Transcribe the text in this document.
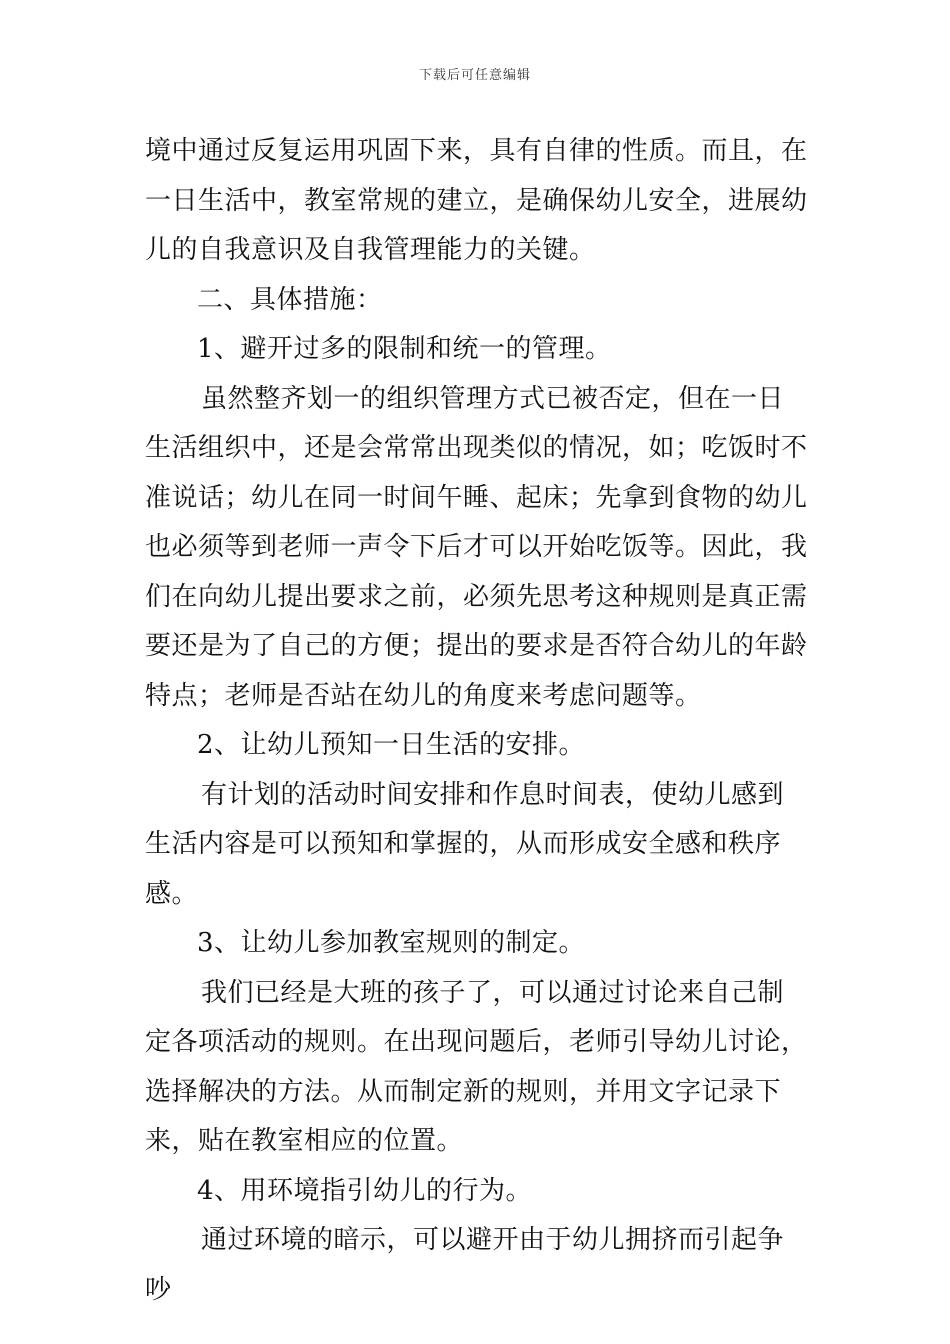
下载后可任意编辑

境中通过反复运用巩固下来，具有自律的性质。而且，在一日生活中，教室常规的建立，是确保幼儿安全，进展幼儿的自我意识及自我管理能力的关键。

二、具体措施：

1、避开过多的限制和统一的管理。

虽然整齐划一的组织管理方式已被否定，但在一日生活组织中，还是会常常出现类似的情况，如；吃饭时不准说话；幼儿在同一时间午睡、起床；先拿到食物的幼儿也必须等到老师一声令下后才可以开始吃饭等。因此，我们在向幼儿提出要求之前，必须先思考这种规则是真正需要还是为了自己的方便；提出的要求是否符合幼儿的年龄特点；老师是否站在幼儿的角度来考虑问题等。

2、让幼儿预知一日生活的安排。

有计划的活动时间安排和作息时间表，使幼儿感到生活内容是可以预知和掌握的，从而形成安全感和秩序感。

3、让幼儿参加教室规则的制定。

我们已经是大班的孩子了，可以通过讨论来自己制定各项活动的规则。在出现问题后，老师引导幼儿讨论，选择解决的方法。从而制定新的规则，并用文字记录下来，贴在教室相应的位置。

4、用环境指引幼儿的行为。

通过环境的暗示，可以避开由于幼儿拥挤而引起争吵
